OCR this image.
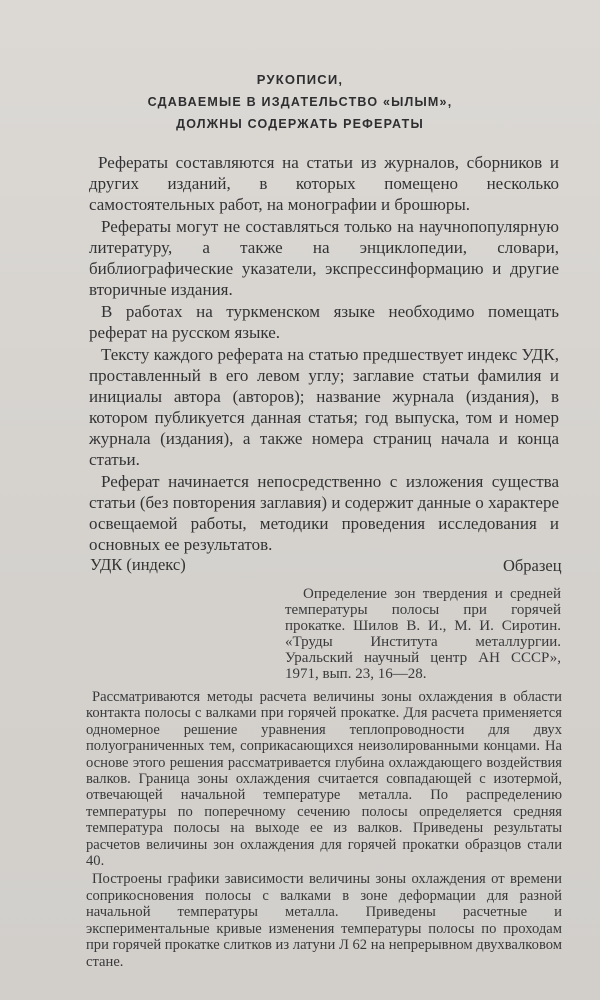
РУКОПИСИ,
СДАВАЕМЫЕ В ИЗДАТЕЛЬСТВО «ЫЛЫМ»,
ДОЛЖНЫ СОДЕРЖАТЬ РЕФЕРАТЫ

Рефераты составляются на статьи из журналов, сборников и других изданий, в которых помещено несколько самостоятельных работ, на монографии и брошюры.

Рефераты могут не составляться только на научнопопулярную литературу, а также на энциклопедии, словари, библиографические указатели, экспрессинформацию и другие вторичные издания.

В работах на туркменском языке необходимо помещать реферат на русском языке.

Тексту каждого реферата на статью предшествует индекс УДК, проставленный в его левом углу; заглавие статьи фамилия и инициалы автора (авторов); название журнала (издания), в котором публикуется данная статья; год выпуска, том и номер журнала (издания), а также номера страниц начала и конца статьи.

Реферат начинается непосредственно с изложения существа статьи (без повторения заглавия) и содержит данные о характере освещаемой работы, методики проведения исследования и основных ее результатов.

УДК (индекс)	Образец

Определение зон твердения и средней температуры полосы при горячей прокатке. Шилов В. И., М. И. Сиротин. «Труды Института металлургии. Уральский научный центр АН СССР», 1971, вып. 23, 16—28.

Рассматриваются методы расчета величины зоны охлаждения в области контакта полосы с валками при горячей прокатке. Для расчета применяется одномерное решение уравнения теплопроводности для двух полуограниченных тем, соприкасающихся неизолированными концами. На основе этого решения рассматривается глубина охлаждающего воздействия валков. Граница зоны охлаждения считается совпадающей с изотермой, отвечающей начальной температуре металла. По распределению температуры по поперечному сечению полосы определяется средняя температура полосы на выходе ее из валков. Приведены результаты расчетов величины зон охлаждения для горячей прокатки образцов стали 40.

Построены графики зависимости величины зоны охлаждения от времени соприкосновения полосы с валками в зоне деформации для разной начальной температуры металла. Приведены расчетные и экспериментальные кривые изменения температуры полосы по проходам при горячей прокатке слитков из латуни Л 62 на непрерывном двухвалковом стане.
